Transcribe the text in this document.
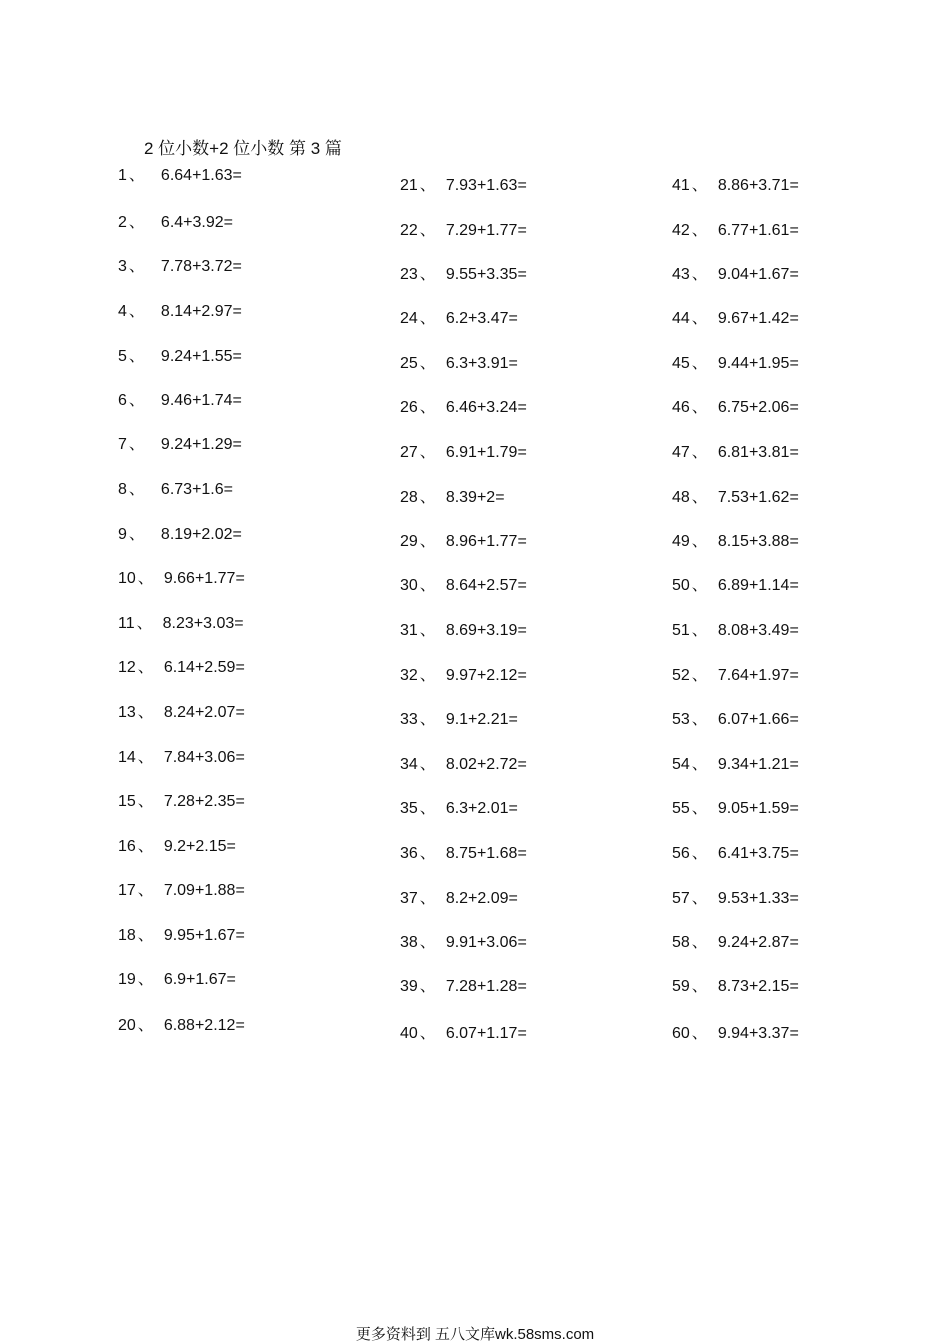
2 位小数+2 位小数 第 3 篇
1 、 6.64+1.63=
2 、 6.4+3.92=
3 、 7.78+3.72=
4 、 8.14+2.97=
5 、 9.24+1.55=
6 、 9.46+1.74=
7 、 9.24+1.29=
8 、 6.73+1.6=
9 、 8.19+2.02=
10 、 9.66+1.77=
11 、 8.23+3.03=
12 、 6.14+2.59=
13 、 8.24+2.07=
14 、 7.84+3.06=
15 、 7.28+2.35=
16 、 9.2+2.15=
17 、 7.09+1.88=
18 、 9.95+1.67=
19 、 6.9+1.67=
20 、 6.88+2.12=
21 、 7.93+1.63=
22 、 7.29+1.77=
23 、 9.55+3.35=
24 、 6.2+3.47=
25 、 6.3+3.91=
26 、 6.46+3.24=
27 、 6.91+1.79=
28 、 8.39+2=
29 、 8.96+1.77=
30 、 8.64+2.57=
31 、 8.69+3.19=
32 、 9.97+2.12=
33 、 9.1+2.21=
34 、 8.02+2.72=
35 、 6.3+2.01=
36 、 8.75+1.68=
37 、 8.2+2.09=
38 、 9.91+3.06=
39 、 7.28+1.28=
40 、 6.07+1.17=
41 、 8.86+3.71=
42 、 6.77+1.61=
43 、 9.04+1.67=
44 、 9.67+1.42=
45 、 9.44+1.95=
46 、 6.75+2.06=
47 、 6.81+3.81=
48 、 7.53+1.62=
49 、 8.15+3.88=
50 、 6.89+1.14=
51 、 8.08+3.49=
52 、 7.64+1.97=
53 、 6.07+1.66=
54 、 9.34+1.21=
55 、 9.05+1.59=
56 、 6.41+3.75=
57 、 9.53+1.33=
58 、 9.24+2.87=
59 、 8.73+2.15=
60 、 9.94+3.37=
更多资料到 五八文库wk.58sms.com
